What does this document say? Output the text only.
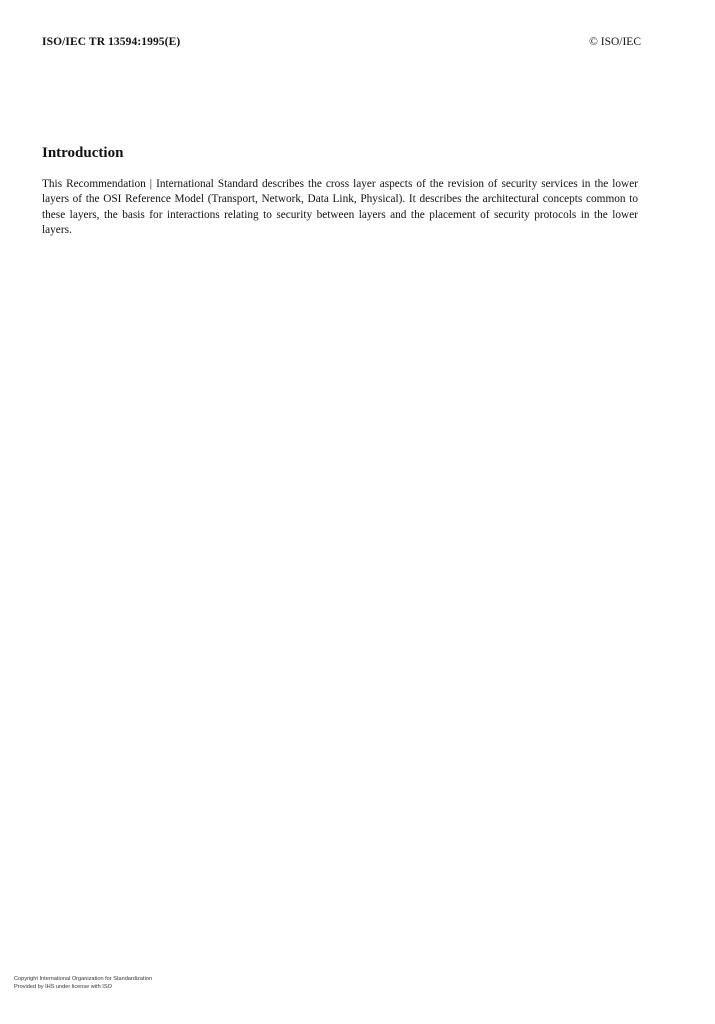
ISO/IEC TR 13594:1995(E)	© ISO/IEC
Introduction

This Recommendation | International Standard describes the cross layer aspects of the revision of security services in the lower layers of the OSI Reference Model (Transport, Network, Data Link, Physical). It describes the architectural concepts common to these layers, the basis for interactions relating to security between layers and the placement of security protocols in the lower layers.

Copyright International Organization for Standardization
Provided by IHS under license with ISO
